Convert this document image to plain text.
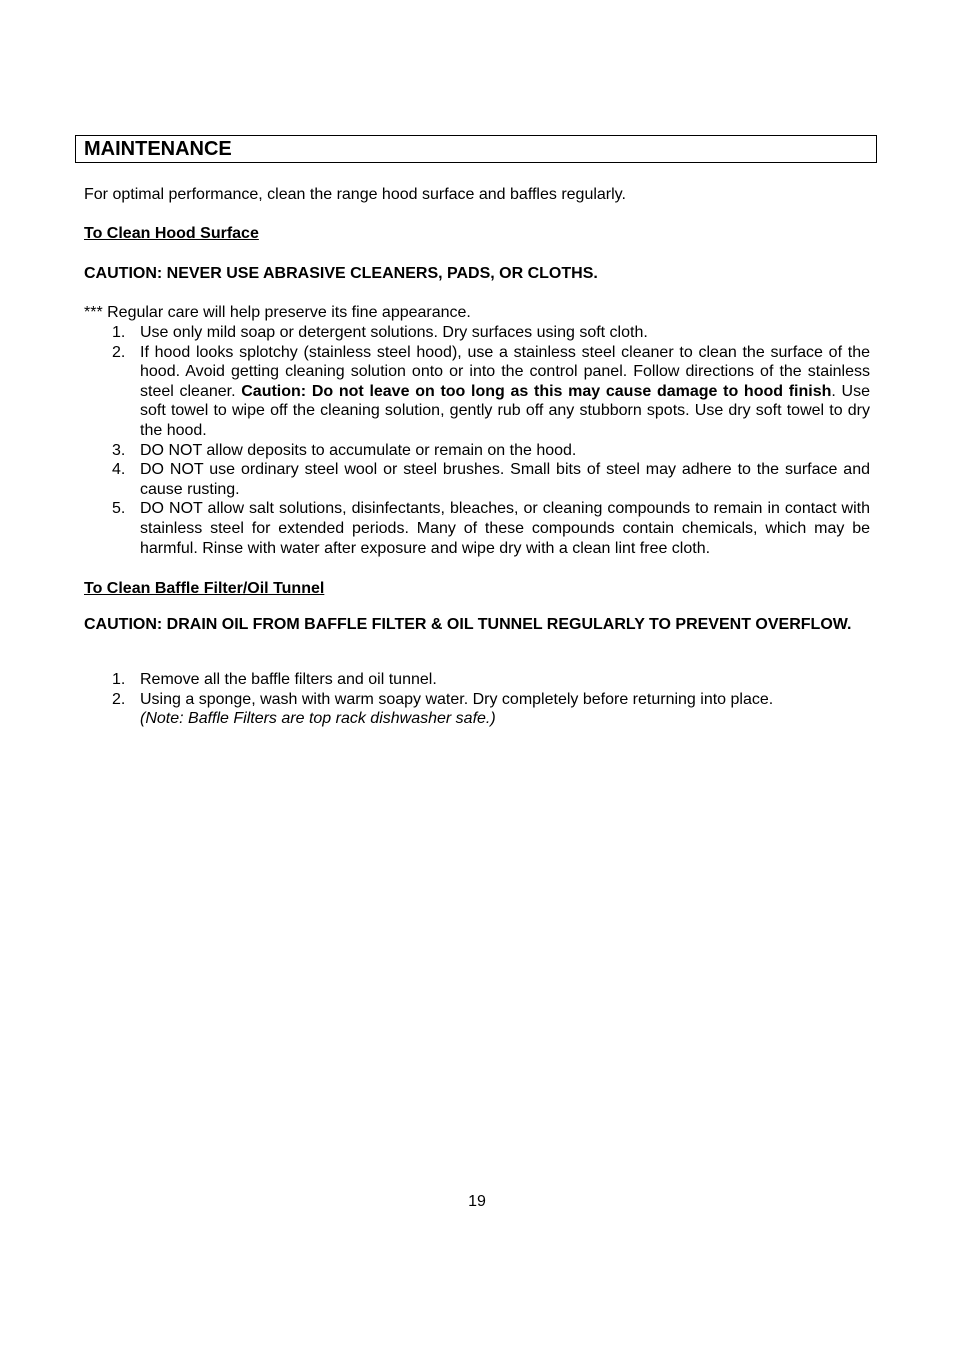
MAINTENANCE
For optimal performance, clean the range hood surface and baffles regularly.
To Clean Hood Surface
CAUTION: NEVER USE ABRASIVE CLEANERS, PADS, OR CLOTHS.
*** Regular care will help preserve its fine appearance.
1. Use only mild soap or detergent solutions. Dry surfaces using soft cloth.
2. If hood looks splotchy (stainless steel hood), use a stainless steel cleaner to clean the surface of the hood. Avoid getting cleaning solution onto or into the control panel. Follow directions of the stainless steel cleaner. Caution: Do not leave on too long as this may cause damage to hood finish. Use soft towel to wipe off the cleaning solution, gently rub off any stubborn spots. Use dry soft towel to dry the hood.
3. DO NOT allow deposits to accumulate or remain on the hood.
4. DO NOT use ordinary steel wool or steel brushes. Small bits of steel may adhere to the surface and cause rusting.
5. DO NOT allow salt solutions, disinfectants, bleaches, or cleaning compounds to remain in contact with stainless steel for extended periods. Many of these compounds contain chemicals, which may be harmful. Rinse with water after exposure and wipe dry with a clean lint free cloth.
To Clean Baffle Filter/Oil Tunnel
CAUTION: DRAIN OIL FROM BAFFLE FILTER & OIL TUNNEL REGULARLY TO PREVENT OVERFLOW.
1. Remove all the baffle filters and oil tunnel.
2. Using a sponge, wash with warm soapy water. Dry completely before returning into place.
(Note: Baffle Filters are top rack dishwasher safe.)
19
